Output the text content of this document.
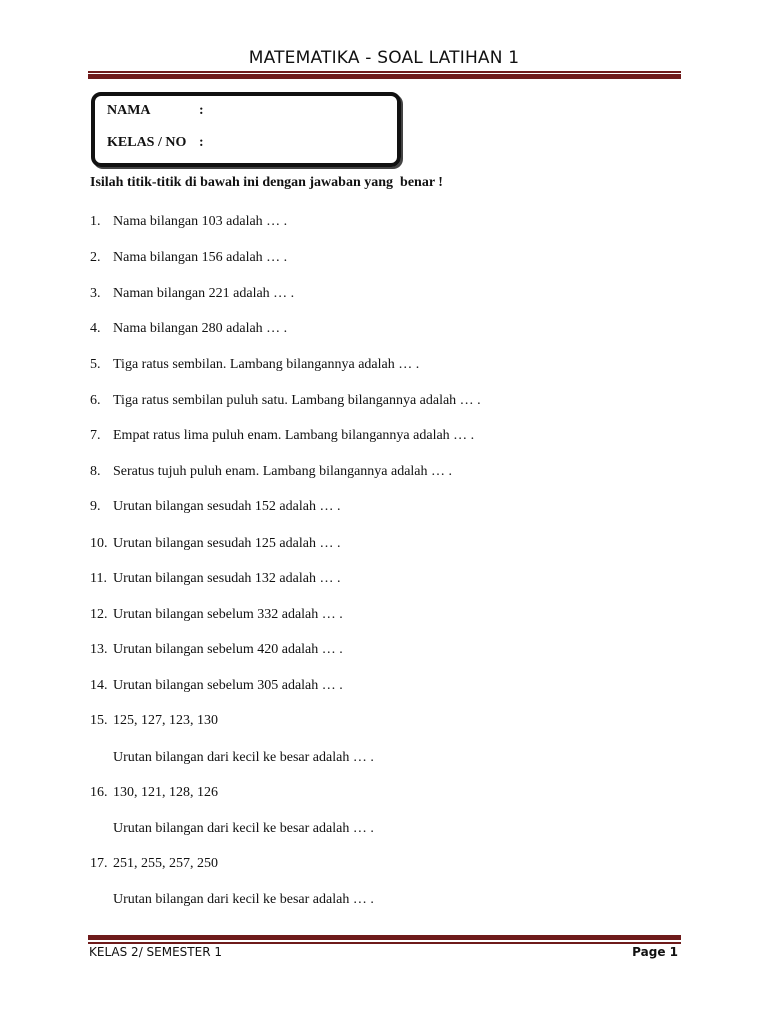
MATEMATIKA - SOAL LATIHAN 1
NAMA	:
KELAS / NO :
Isilah titik-titik di bawah ini dengan jawaban yang  benar !
1. Nama bilangan 103 adalah … .
2. Nama bilangan 156 adalah … .
3. Naman bilangan 221 adalah … .
4. Nama bilangan 280 adalah … .
5. Tiga ratus sembilan. Lambang bilangannya adalah … .
6. Tiga ratus sembilan puluh satu. Lambang bilangannya adalah … .
7. Empat ratus lima puluh enam. Lambang bilangannya adalah … .
8. Seratus tujuh puluh enam. Lambang bilangannya adalah … .
9. Urutan bilangan sesudah 152 adalah … .
10. Urutan bilangan sesudah 125 adalah … .
11. Urutan bilangan sesudah 132 adalah … .
12. Urutan bilangan sebelum 332 adalah … .
13. Urutan bilangan sebelum 420 adalah … .
14. Urutan bilangan sebelum 305 adalah … .
15. 125, 127, 123, 130
Urutan bilangan dari kecil ke besar adalah … .
16. 130, 121, 128, 126
Urutan bilangan dari kecil ke besar adalah … .
17. 251, 255, 257, 250
Urutan bilangan dari kecil ke besar adalah … .
KELAS 2/ SEMESTER 1	Page 1
